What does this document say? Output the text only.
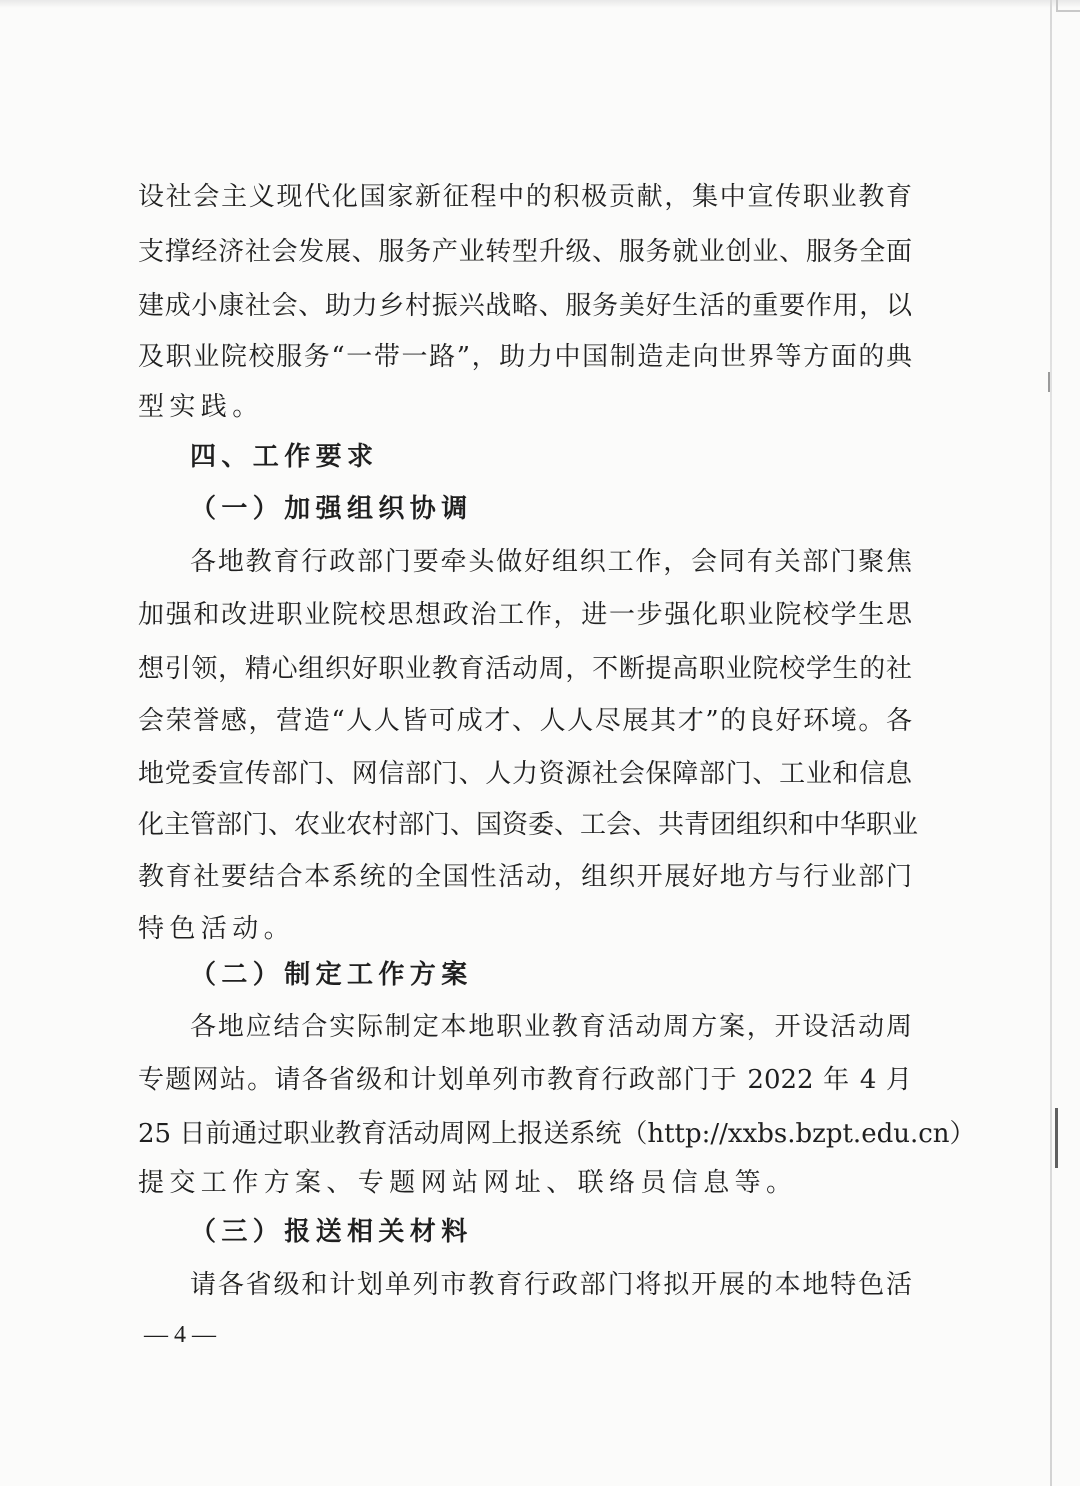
设社会主义现代化国家新征程中的积极贡献，集中宣传职业教育
支撑经济社会发展、服务产业转型升级、服务就业创业、服务全面
建成小康社会、助力乡村振兴战略、服务美好生活的重要作用，以
及职业院校服务“一带一路”，助力中国制造走向世界等方面的典
型实践。
四、工作要求
（一）加强组织协调
各地教育行政部门要牵头做好组织工作，会同有关部门聚焦
加强和改进职业院校思想政治工作，进一步强化职业院校学生思
想引领，精心组织好职业教育活动周，不断提高职业院校学生的社
会荣誉感，营造“人人皆可成才、人人尽展其才”的良好环境。各
地党委宣传部门、网信部门、人力资源社会保障部门、工业和信息
化主管部门、农业农村部门、国资委、工会、共青团组织和中华职业
教育社要结合本系统的全国性活动，组织开展好地方与行业部门
特色活动。
（二）制定工作方案
各地应结合实际制定本地职业教育活动周方案，开设活动周
专题网站。请各省级和计划单列市教育行政部门于 2022 年 4 月
25 日前通过职业教育活动周网上报送系统（http://xxbs.bzpt.edu.cn）
提交工作方案、专题网站网址、联络员信息等。
（三）报送相关材料
请各省级和计划单列市教育行政部门将拟开展的本地特色活
— 4 —
